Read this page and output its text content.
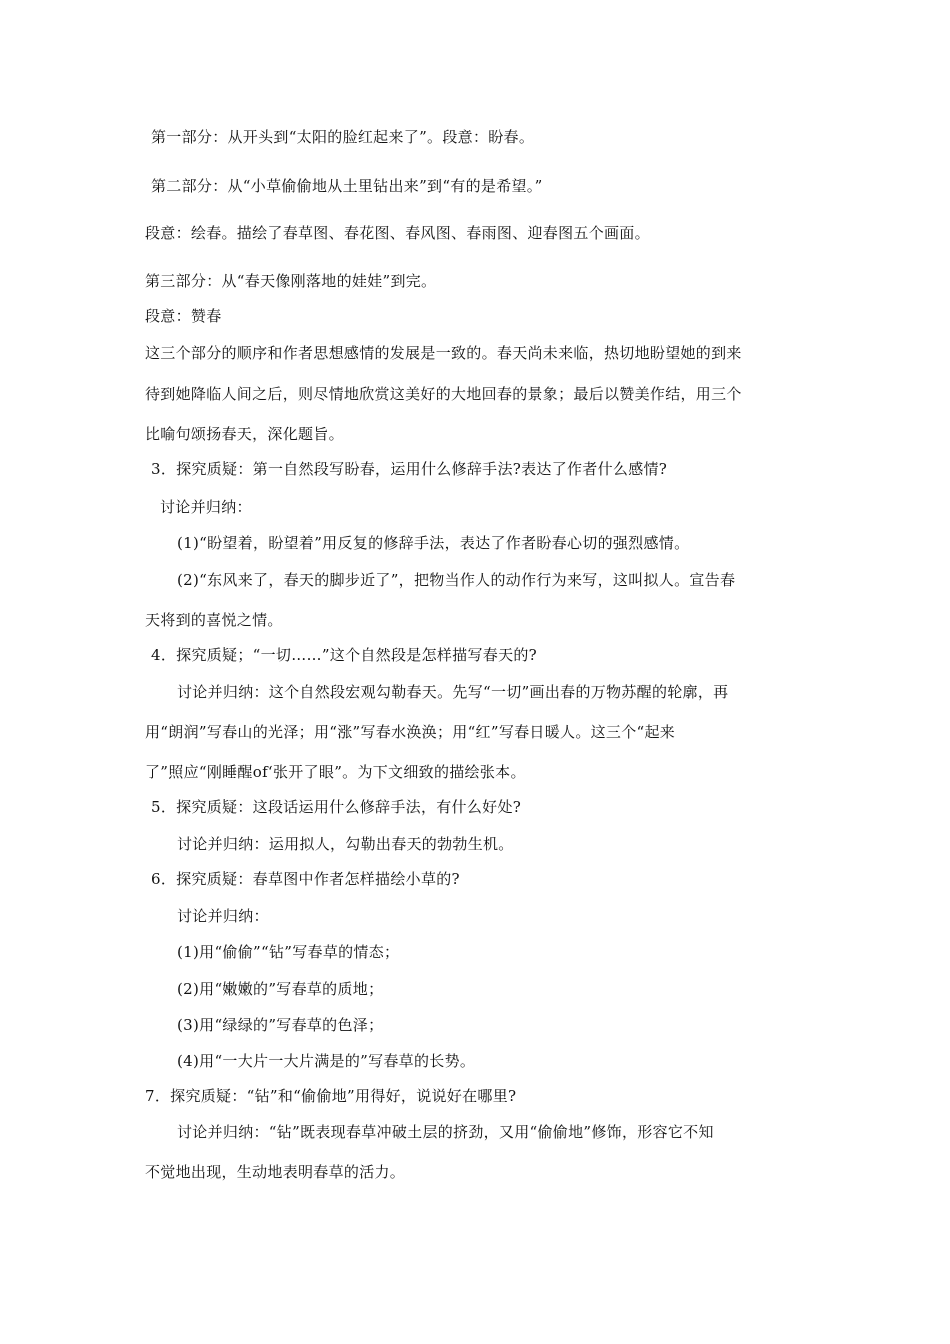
第一部分：从开头到“太阳的脸红起来了”。段意：盼春。
第二部分：从“小草偷偷地从土里钻出来”到“有的是希望。”
段意：绘春。描绘了春草图、春花图、春风图、春雨图、迎春图五个画面。
第三部分：从“春天像刚落地的娃娃”到完。
段意：赞春
这三个部分的顺序和作者思想感情的发展是一致的。春天尚未来临，热切地盼望她的到来
待到她降临人间之后，则尽情地欣赏这美好的大地回春的景象；最后以赞美作结，用三个
比喻句颂扬春天，深化题旨。
3．探究质疑：第一自然段写盼春，运用什么修辞手法?表达了作者什么感情?
讨论并归纳：
(1)“盼望着，盼望着”用反复的修辞手法，表达了作者盼春心切的强烈感情。
(2)“东风来了，春天的脚步近了”，把物当作人的动作行为来写，这叫拟人。宣告春
天将到的喜悦之情。
4．探究质疑；“一切……”这个自然段是怎样描写春天的?
讨论并归纳：这个自然段宏观勾勒春天。先写“一切”画出春的万物苏醒的轮廓，再
用“朗润”写春山的光泽；用“涨”写春水涣涣；用“红”写春日暖人。这三个“起来
了”照应“刚睡醒of‘张开了眼”。为下文细致的描绘张本。
5．探究质疑：这段话运用什么修辞手法，有什么好处?
讨论并归纳：运用拟人，勾勒出春天的勃勃生机。
6．探究质疑：春草图中作者怎样描绘小草的?
讨论并归纳：
(1)用“偷偷”“钻”写春草的情态；
(2)用“嫩嫩的”写春草的质地；
(3)用“绿绿的”写春草的色泽；
(4)用“一大片一大片满是的”写春草的长势。
7．探究质疑：“钻”和“偷偷地”用得好，说说好在哪里?
讨论并归纳：“钻”既表现春草冲破土层的挤劲，又用“偷偷地”修饰，形容它不知
不觉地出现，生动地表明春草的活力。
